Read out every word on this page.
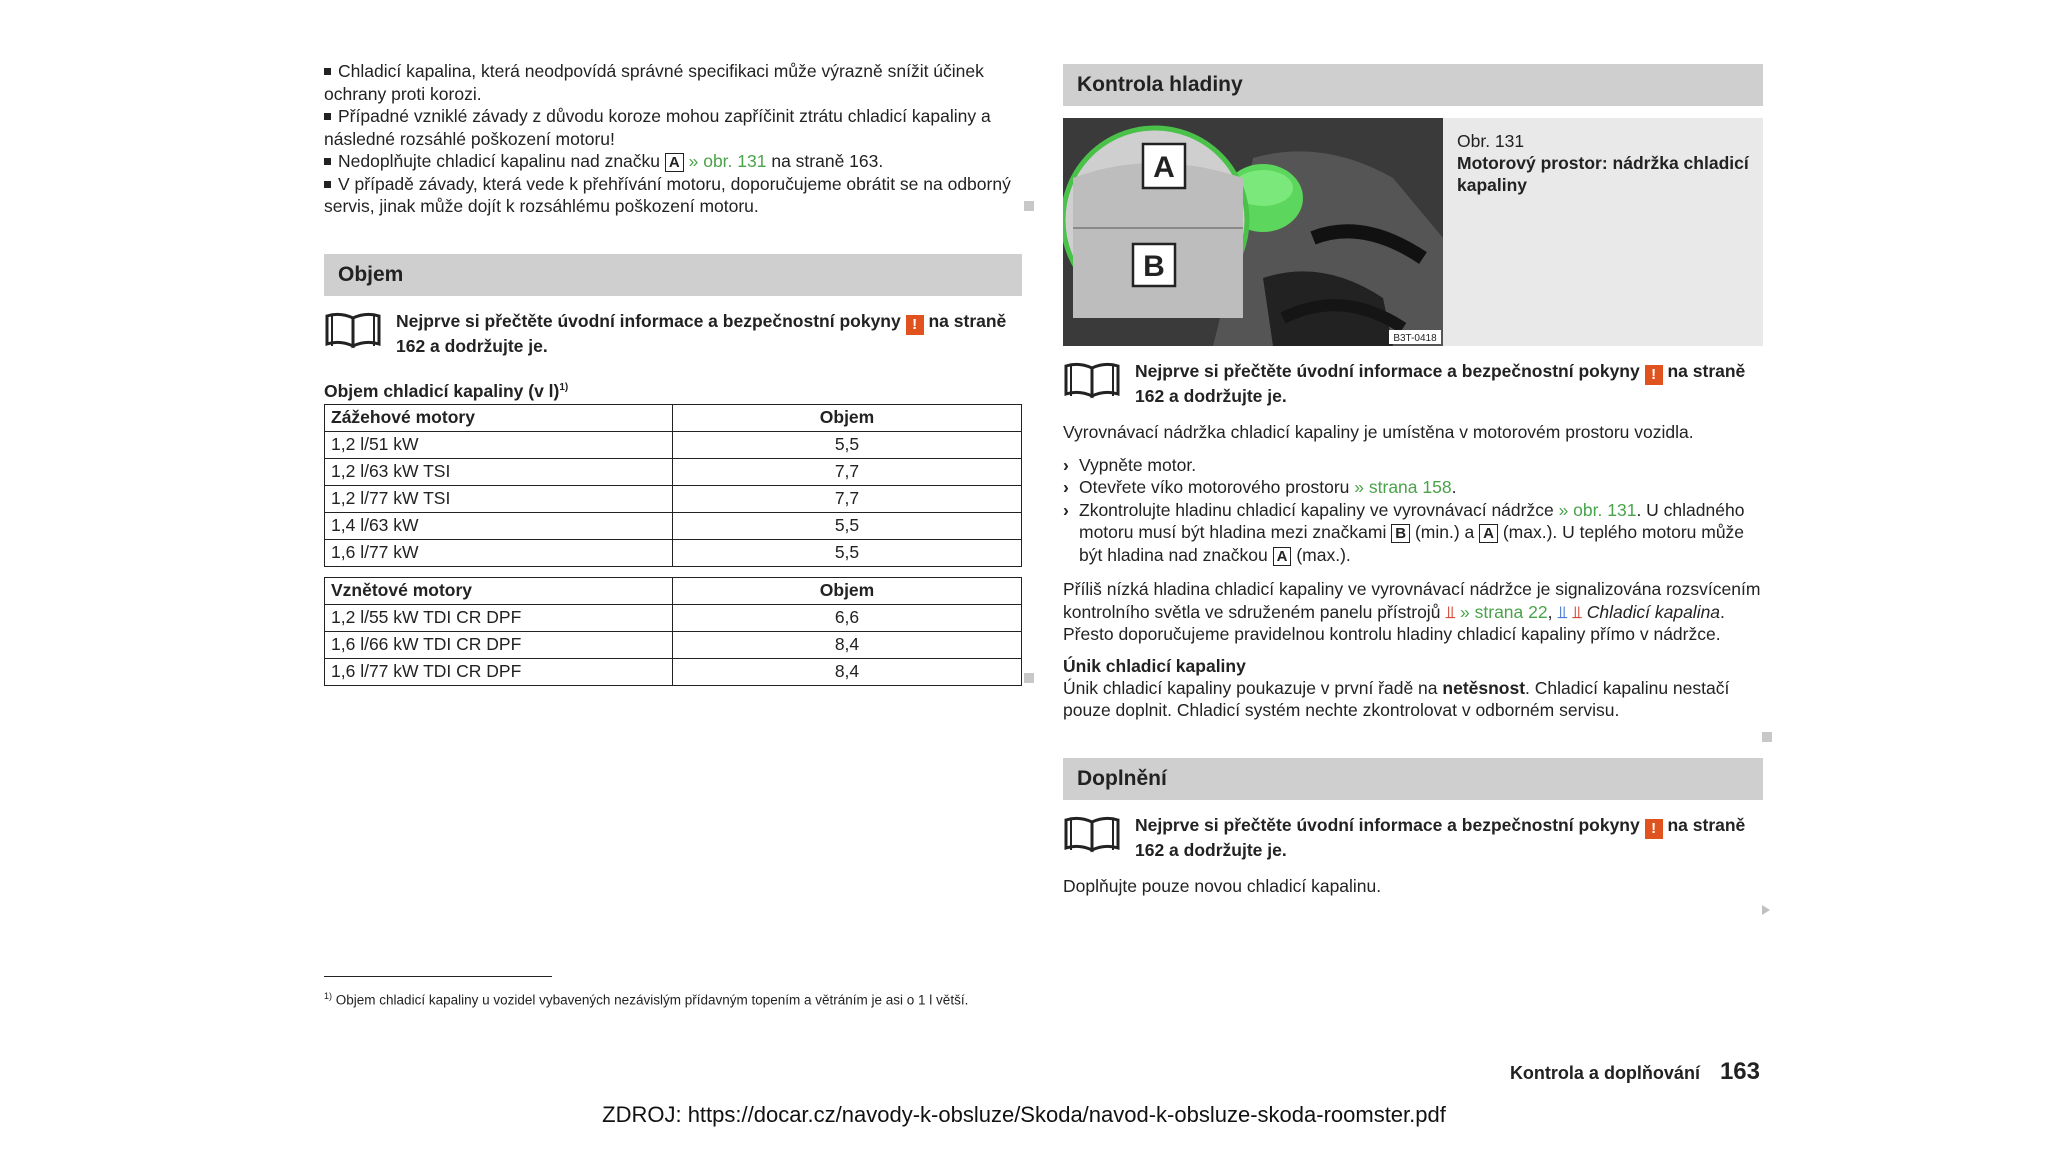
Chladicí kapalina, která neodpovídá správné specifikaci může výrazně snížit účinek ochrany proti korozi.

Případné vzniklé závady z důvodu koroze mohou zapříčinit ztrátu chladicí kapaliny a následné rozsáhlé poškození motoru!

Nedoplňujte chladicí kapalinu nad značku A » obr. 131 na straně 163.

V případě závady, která vede k přehřívání motoru, doporučujeme obrátit se na odborný servis, jinak může dojít k rozsáhlému poškození motoru.

Objem
Nejprve si přečtěte úvodní informace a bezpečnostní pokyny ! na straně 162 a dodržujte je.
Objem chladicí kapaliny (v l)$^{1)}$
Zážehové motory	Objem
1,2 l/51 kW	5,5
1,2 l/63 kW TSI	7,7
1,2 l/77 kW TSI	7,7
1,4 l/63 kW	5,5
1,6 l/77 kW	5,5
Vznětové motory	Objem
1,2 l/55 kW TDI CR DPF	6,6
1,6 l/66 kW TDI CR DPF	8,4
1,6 l/77 kW TDI CR DPF	8,4
Kontrola hladiny
A
B
B3T-0418
Obr. 131
Motorový prostor: nádržka chladicí kapaliny
Nejprve si přečtěte úvodní informace a bezpečnostní pokyny ! na straně 162 a dodržujte je.

Vyrovnávací nádržka chladicí kapaliny je umístěna v motorovém prostoru vozidla.

› Vypněte motor.
› Otevřete víko motorového prostoru » strana 158.
› Zkontrolujte hladinu chladicí kapaliny ve vyrovnávací nádržce » obr. 131. U chladného motoru musí být hladina mezi značkami B (min.) a A (max.). U teplého motoru může být hladina nad značkou A (max.).

Příliš nízká hladina chladicí kapaliny ve vyrovnávací nádržce je signalizována rozsvícením kontrolního světla ve sdruženém panelu přístrojů ⫫ » strana 22, ⫫ ⫫ Chladicí kapalina. Přesto doporučujeme pravidelnou kontrolu hladiny chladicí kapaliny přímo v nádržce.

Únik chladicí kapaliny

Únik chladicí kapaliny poukazuje v první řadě na netěsnost. Chladicí kapalinu nestačí pouze doplnit. Chladicí systém nechte zkontrolovat v odborném servisu.

Doplnění
Nejprve si přečtěte úvodní informace a bezpečnostní pokyny ! na straně 162 a dodržujte je.

Doplňujte pouze novou chladicí kapalinu.

$^{1)}$ Objem chladicí kapaliny u vozidel vybavených nezávislým přídavným topením a větráním je asi o 1 l větší.
Kontrola a doplňování 163
ZDROJ: https://docar.cz/navody-k-obsluze/Skoda/navod-k-obsluze-skoda-roomster.pdf
